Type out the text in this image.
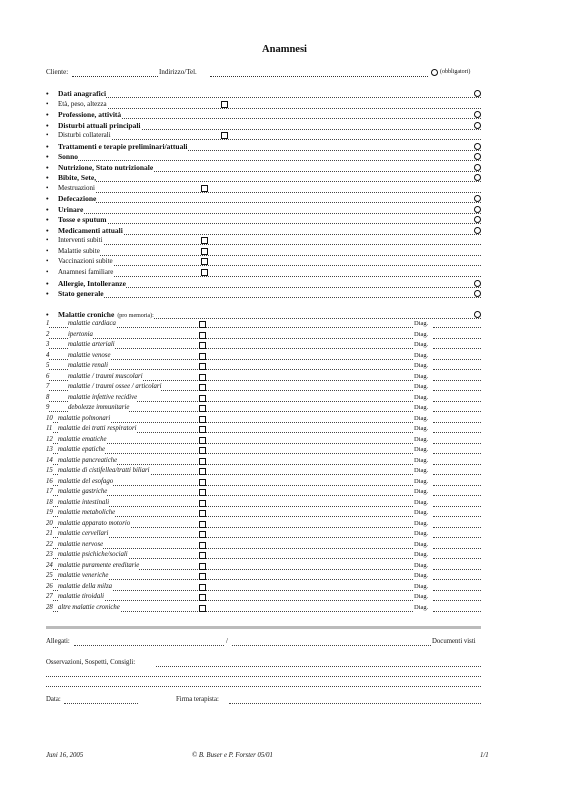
Anamnesi
Cliente:	Indirizzo/Tel.	(obbligatori)
• Dati anagrafici
• Età, peso, altezza
• Professione, attività
• Disturbi attuali principali
• Disturbi collaterali
• Trattamenti e terapie preliminari/attuali
• Sonno
• Nutrizione, Stato nutrizionale
• Bibite, Sete,
• Mestruazioni
• Defecazione
• Urinare
• Tosse e sputum
• Medicamenti attuali
• Interventi subiti
• Malattie subite
• Vaccinazioni subite
• Anamnesi familiare
• Allergie, Intolleranze
• Stato generale
• Malattie croniche (pro memoria):
1	malattie cardiaca	Diag.
2	ipertonia	Diag.
3	malattie arteriali	Diag.
4	malattie venose	Diag.
5	malattie renali	Diag.
6	malattie / traumi muscolari	Diag.
7	malattie / traumi ossee / articolari	Diag.
8	malattie infettive recidive	Diag.
9	debolezze immunitarie	Diag.
10 malattie polmonari	Diag.
11 malattie dei tratti respiratori	Diag.
12 malattie ematiche	Diag.
13 malattie epatiche	Diag.
14 malattie pancreatiche	Diag.
15 malattie di cistifellea/tratti biliari	Diag.
16 malattie del esofago	Diag.
17 malattie gastriche	Diag.
18 malattie intestinali	Diag.
19 malattie metaboliche	Diag.
20 malattie apparato motorio	Diag.
21 malattie cervellari	Diag.
22 malattie nervose	Diag.
23 malattie psichiche/sociali	Diag.
24 malattie puramente ereditarie	Diag.
25 malattie veneriche	Diag.
26 malattie della milza	Diag.
27 malattie tiroidali	Diag.
28 altre malattie croniche	Diag.
Allegati:	/	Documenti visti
Osservazioni, Sospetti, Consigli:
Data:	Firma terapista:
Juni 16, 2005	© B. Buser e P. Forster 05/01	1/1
